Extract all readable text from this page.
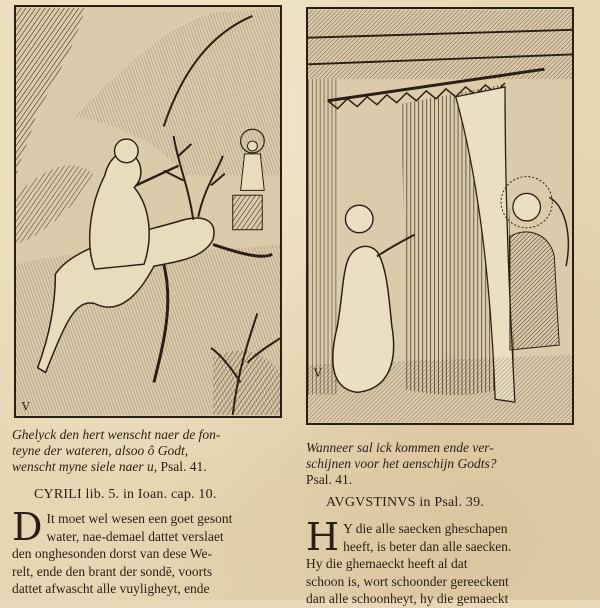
V
Ghelyck den hert wenscht naer de fon-
teyne der wateren, alsoo ô Godt,
wenscht myne siele naer u, Psal. 41.
CYRILI lib. 5. in Ioan. cap. 10.
D It moet wel wesen een goet gesont
water, nae-demael dattet verslaet
den onghesonden dorst van dese We-
relt, ende den brant der sondē, voorts
dattet afwascht alle vuyligheyt, ende
V
Wanneer sal ick kommen ende ver-
schijnen voor het aenschijn Godts?
Psal. 41.
AVGVSTINVS in Psal. 39.
H Y die alle saecken gheschapen
heeft, is beter dan alle saecken.
Hy die ghemaeckt heeft al dat
schoon is, wort schoonder gereeckent
dan alle schoonheyt, hy die gemaeckt
